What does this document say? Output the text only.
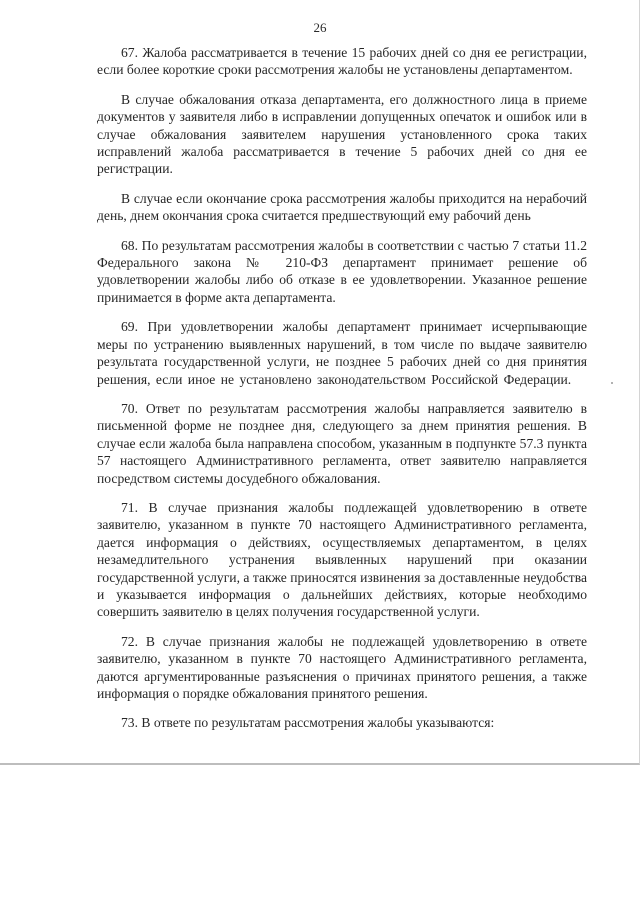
26

67. Жалоба рассматривается в течение 15 рабочих дней со дня ее регистрации, если более короткие сроки рассмотрения жалобы не установлены департаментом.

В случае обжалования отказа департамента, его должностного лица в приеме документов у заявителя либо в исправлении допущенных опечаток и ошибок или в случае обжалования заявителем нарушения установленного срока таких исправлений жалоба рассматривается в течение 5 рабочих дней со дня ее регистрации.

В случае если окончание срока рассмотрения жалобы приходится на нерабочий день, днем окончания срока считается предшествующий ему рабочий день

68. По результатам рассмотрения жалобы в соответствии с частью 7 статьи 11.2 Федерального закона № 210-ФЗ департамент принимает решение об удовлетворении жалобы либо об отказе в ее удовлетворении. Указанное решение принимается в форме акта департамента.

69. При удовлетворении жалобы департамент принимает исчерпывающие меры по устранению выявленных нарушений, в том числе по выдаче заявителю результата государственной услуги, не позднее 5 рабочих дней со дня принятия решения, если иное не установлено законодательством Российской Федерации.

70. Ответ по результатам рассмотрения жалобы направляется заявителю в письменной форме не позднее дня, следующего за днем принятия решения. В случае если жалоба была направлена способом, указанным в подпункте 57.3 пункта 57 настоящего Административного регламента, ответ заявителю направляется посредством системы досудебного обжалования.

71. В случае признания жалобы подлежащей удовлетворению в ответе заявителю, указанном в пункте 70 настоящего Административного регламента, дается информация о действиях, осуществляемых департаментом, в целях незамедлительного устранения выявленных нарушений при оказании государственной услуги, а также приносятся извинения за доставленные неудобства и указывается информация о дальнейших действиях, которые необходимо совершить заявителю в целях получения государственной услуги.

72. В случае признания жалобы не подлежащей удовлетворению в ответе заявителю, указанном в пункте 70 настоящего Административного регламента, даются аргументированные разъяснения о причинах принятого решения, а также информация о порядке обжалования принятого решения.

73. В ответе по результатам рассмотрения жалобы указываются:
